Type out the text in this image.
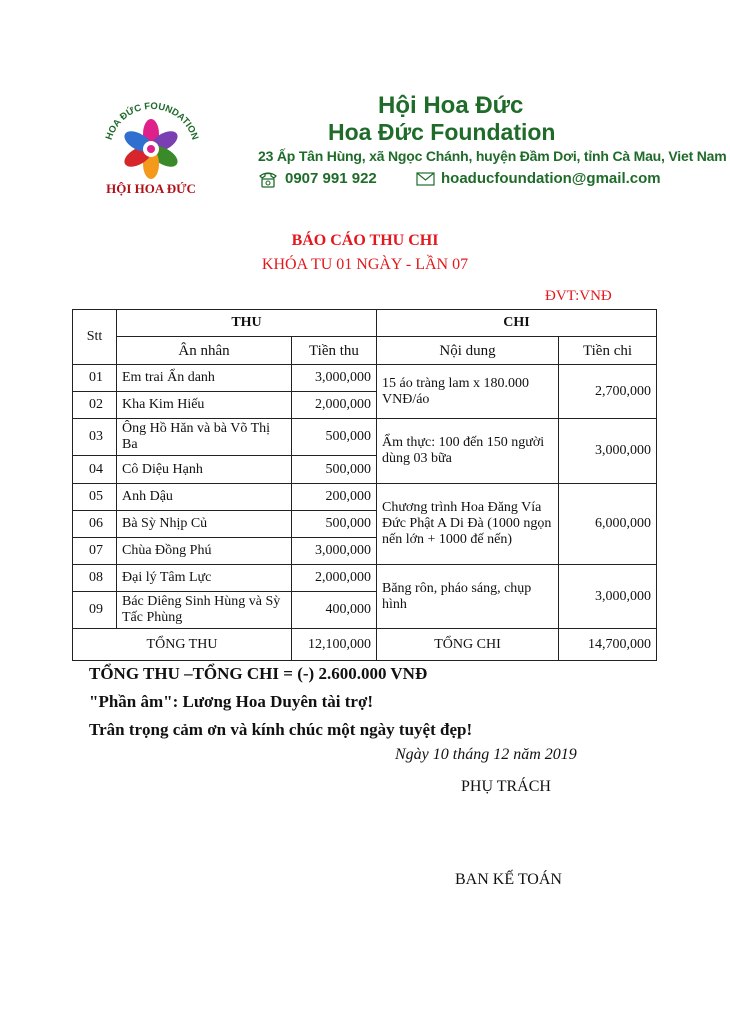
HOA ĐỨC FOUNDATION
HỘI HOA ĐỨC
Hội Hoa Đức
Hoa Đức Foundation
23 Ấp Tân Hùng, xã Ngọc Chánh, huyện Đầm Dơi, tỉnh Cà Mau, Viet Nam
0907 991 922	hoaducfoundation@gmail.com
BÁO CÁO THU CHI
KHÓA TU 01 NGÀY - LẦN 07
ĐVT:VNĐ
Stt	THU		CHI	
	Ân nhân	Tiền thu	Nội dung	Tiền chi
01	Em trai Ẩn danh	3,000,000	15 áo tràng lam x 180.000 VNĐ/áo	2,700,000
02	Kha Kim Hiếu	2,000,000		
03	Ông Hồ Hăn và bà Võ Thị Ba	500,000	Ẩm thực: 100 đến 150 người dùng 03 bữa	3,000,000
04	Cô Diệu Hạnh	500,000		
05	Anh Dậu	200,000	Chương trình Hoa Đăng Vía Đức Phật A Di Đà (1000 ngọn nến lớn + 1000 đế nến)	6,000,000
06	Bà Sỳ Nhịp Củ	500,000		
07	Chùa Đồng Phú	3,000,000		
08	Đại lý Tâm Lực	2,000,000	Băng rôn, pháo sáng, chụp hình	3,000,000
09	Bác Diêng Sinh Hùng và Sỳ Tấc Phùng	400,000		
TỔNG THU		12,100,000	TỔNG CHI	14,700,000
TỔNG THU –TỔNG CHI = (-) 2.600.000 VNĐ
"Phần âm": Lương Hoa Duyên tài trợ!
Trân trọng cảm ơn và kính chúc một ngày tuyệt đẹp!
Ngày 10 tháng 12 năm 2019
PHỤ TRÁCH
BAN KẾ TOÁN
